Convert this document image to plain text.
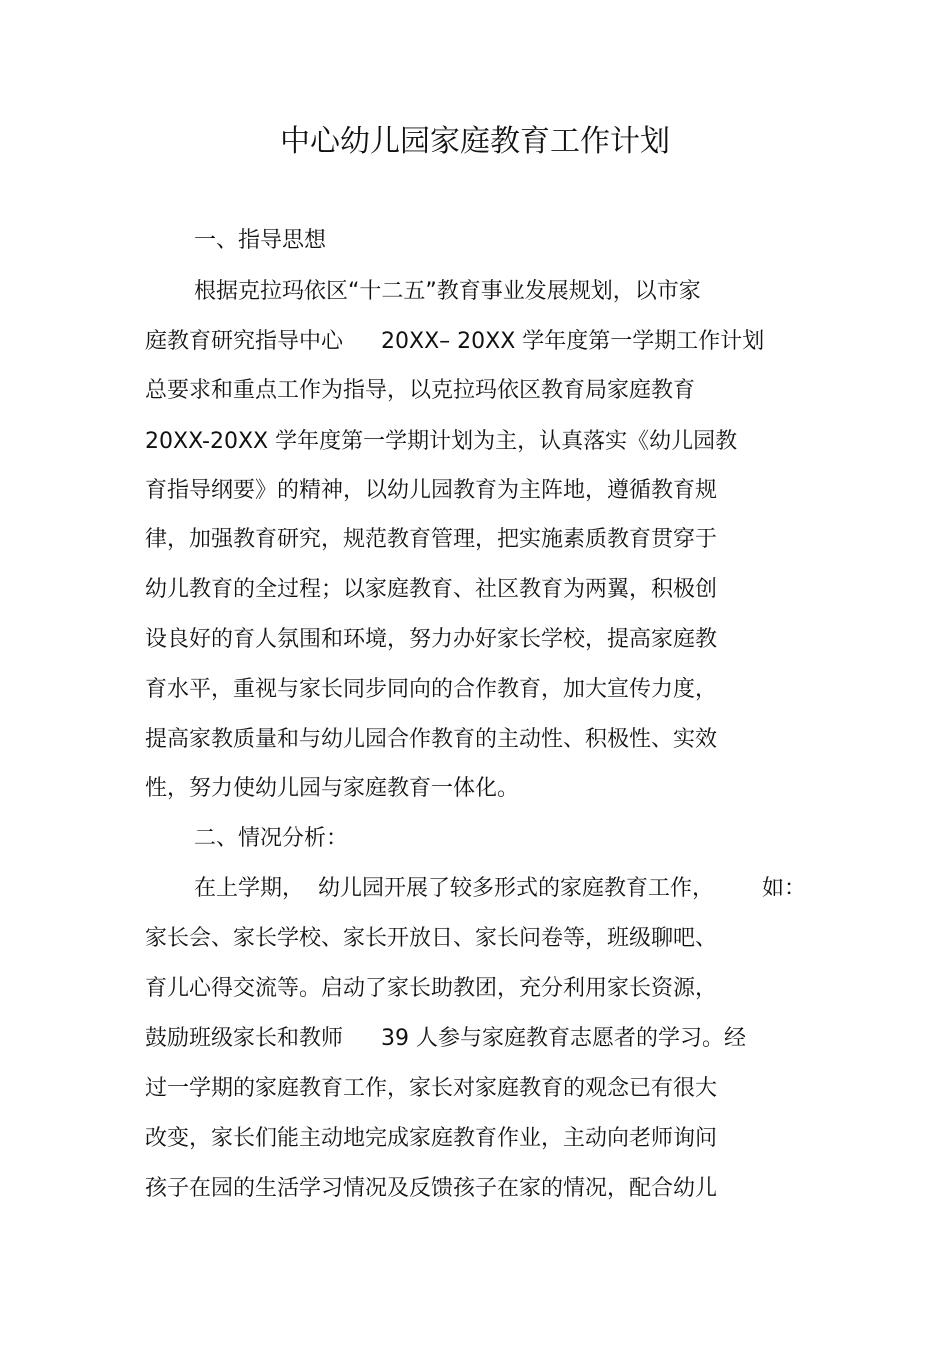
中心幼儿园家庭教育工作计划
一、指导思想
根据克拉玛依区“十二五”教育事业发展规划，以市家
庭教育研究指导中心 20XX– 20XX 学年度第一学期工作计划
总要求和重点工作为指导，以克拉玛依区教育局家庭教育
20XX-20XX 学年度第一学期计划为主，认真落实《幼儿园教
育指导纲要》的精神，以幼儿园教育为主阵地，遵循教育规
律，加强教育研究，规范教育管理，把实施素质教育贯穿于
幼儿教育的全过程；以家庭教育、社区教育为两翼，积极创
设良好的育人氛围和环境，努力办好家长学校，提高家庭教
育水平，重视与家长同步同向的合作教育，加大宣传力度，
提高家教质量和与幼儿园合作教育的主动性、积极性、实效
性，努力使幼儿园与家庭教育一体化。
二、情况分析：
在上学期， 幼儿园开展了较多形式的家庭教育工作， 如：
家长会、家长学校、家长开放日、家长问卷等，班级聊吧、
育儿心得交流等。启动了家长助教团，充分利用家长资源，
鼓励班级家长和教师 39 人参与家庭教育志愿者的学习。经
过一学期的家庭教育工作，家长对家庭教育的观念已有很大
改变，家长们能主动地完成家庭教育作业，主动向老师询问
孩子在园的生活学习情况及反馈孩子在家的情况，配合幼儿
